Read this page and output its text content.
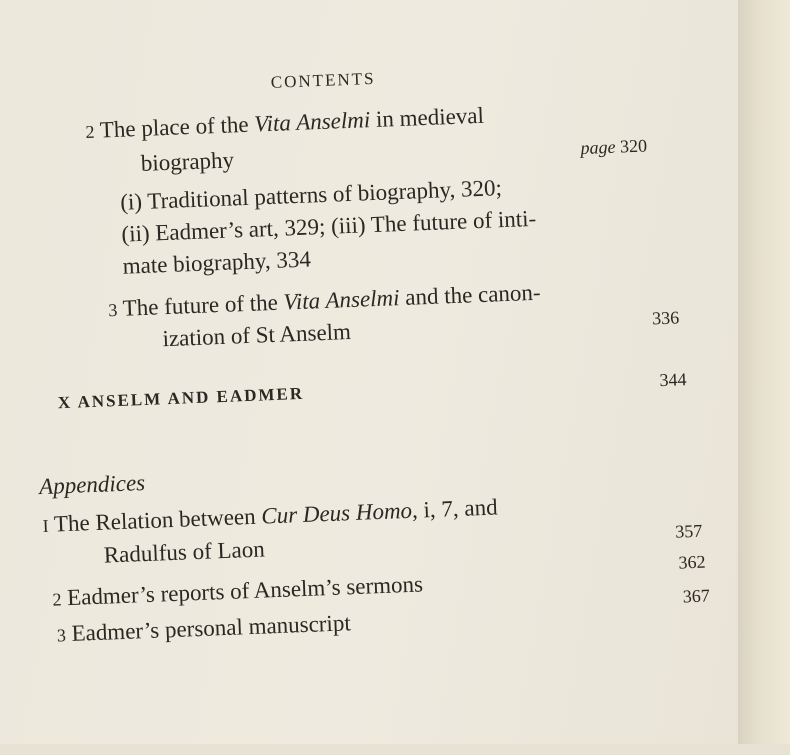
CONTENTS
2 The place of the Vita Anselmi in medieval
biography	page 320
(i) Traditional patterns of biography, 320;
(ii) Eadmer’s art, 329; (iii) The future of inti-
mate biography, 334
3 The future of the Vita Anselmi and the canon-
ization of St Anselm
336
X ANSELM AND EADMER
344
Appendices
I The Relation between Cur Deus Homo, i, 7, and
Radulfus of Laon
357
2 Eadmer’s reports of Anselm’s sermons
362
3 Eadmer’s personal manuscript
367
